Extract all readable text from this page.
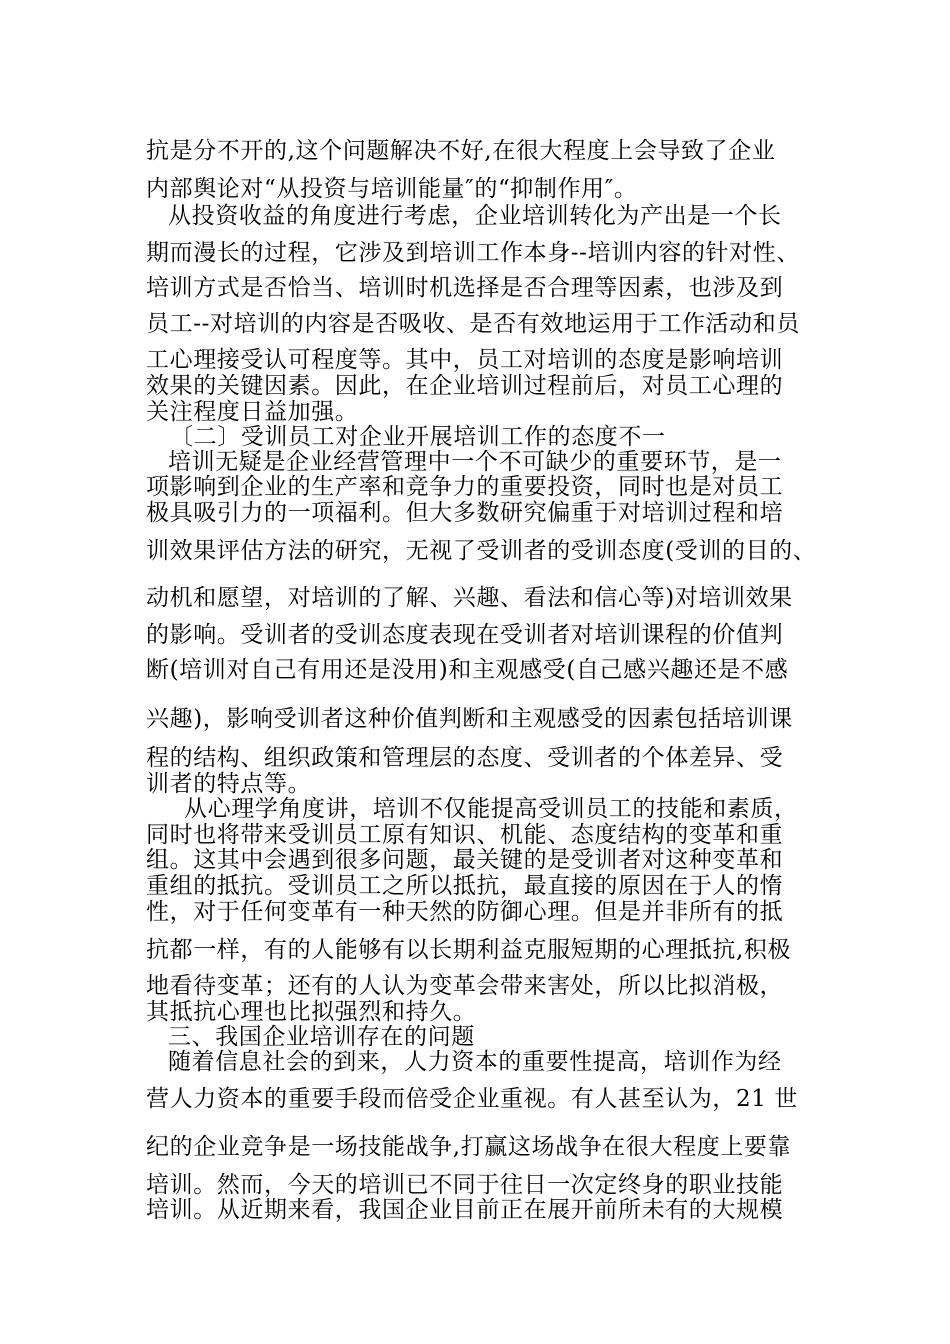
抗是分不开的,这个问题解决不好,在很大程度上会导致了企业
内部舆论对“从投资与培训能量″的“抑制作用″。
从投资收益的角度进行考虑，企业培训转化为产出是一个长
期而漫长的过程，它涉及到培训工作本身--培训内容的针对性、
培训方式是否恰当、培训时机选择是否合理等因素，也涉及到
员工--对培训的内容是否吸收、是否有效地运用于工作活动和员
工心理接受认可程度等。其中，员工对培训的态度是影响培训
效果的关键因素。因此，在企业培训过程前后，对员工心理的
关注程度日益加强。
〔二〕受训员工对企业开展培训工作的态度不一
培训无疑是企业经营管理中一个不可缺少的重要环节，是一
项影响到企业的生产率和竞争力的重要投资，同时也是对员工
极具吸引力的一项福利。但大多数研究偏重于对培训过程和培
训效果评估方法的研究，无视了受训者的受训态度(受训的目的、
动机和愿望，对培训的了解、兴趣、看法和信心等)对培训效果
的影响。受训者的受训态度表现在受训者对培训课程的价值判
断(培训对自己有用还是没用)和主观感受(自己感兴趣还是不感
兴趣)，影响受训者这种价值判断和主观感受的因素包括培训课
程的结构、组织政策和管理层的态度、受训者的个体差异、受
训者的特点等。
从心理学角度讲，培训不仅能提高受训员工的技能和素质，
同时也将带来受训员工原有知识、机能、态度结构的变革和重
组。这其中会遇到很多问题，最关键的是受训者对这种变革和
重组的抵抗。受训员工之所以抵抗，最直接的原因在于人的惰
性，对于任何变革有一种天然的防御心理。但是并非所有的抵
抗都一样，有的人能够有以长期利益克服短期的心理抵抗,积极
地看待变革；还有的人认为变革会带来害处，所以比拟消极，
其抵抗心理也比拟强烈和持久。
三、我国企业培训存在的问题
随着信息社会的到来，人力资本的重要性提高，培训作为经
营人力资本的重要手段而倍受企业重视。有人甚至认为，21 世
纪的企业竞争是一场技能战争,打赢这场战争在很大程度上要靠
培训。然而，今天的培训已不同于往日一次定终身的职业技能
培训。从近期来看，我国企业目前正在展开前所未有的大规模
